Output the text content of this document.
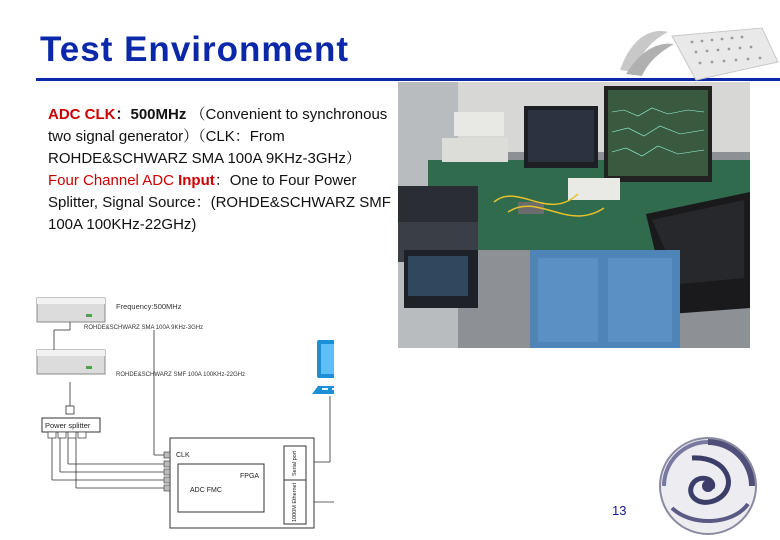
Test Environment

ADC CLK：500MHz （Convenient to synchronous two signal generator）（CLK：From ROHDE&SCHWARZ SMA 100A 9KHz-3GHz）

Four Channel ADC Input：One to Four Power Splitter, Signal Source：(ROHDE&SCHWARZ SMF 100A 100KHz-22GHz)

Frequency:500MHz
ROHDE&SCHWARZ SMA 100A 9KHz-3GHz
ROHDE&SCHWARZ SMF 100A 100KHz-22GHz
Power splitter
CLK
FPGA
ADC FMC
Serial port
1000M Ethernet	13
